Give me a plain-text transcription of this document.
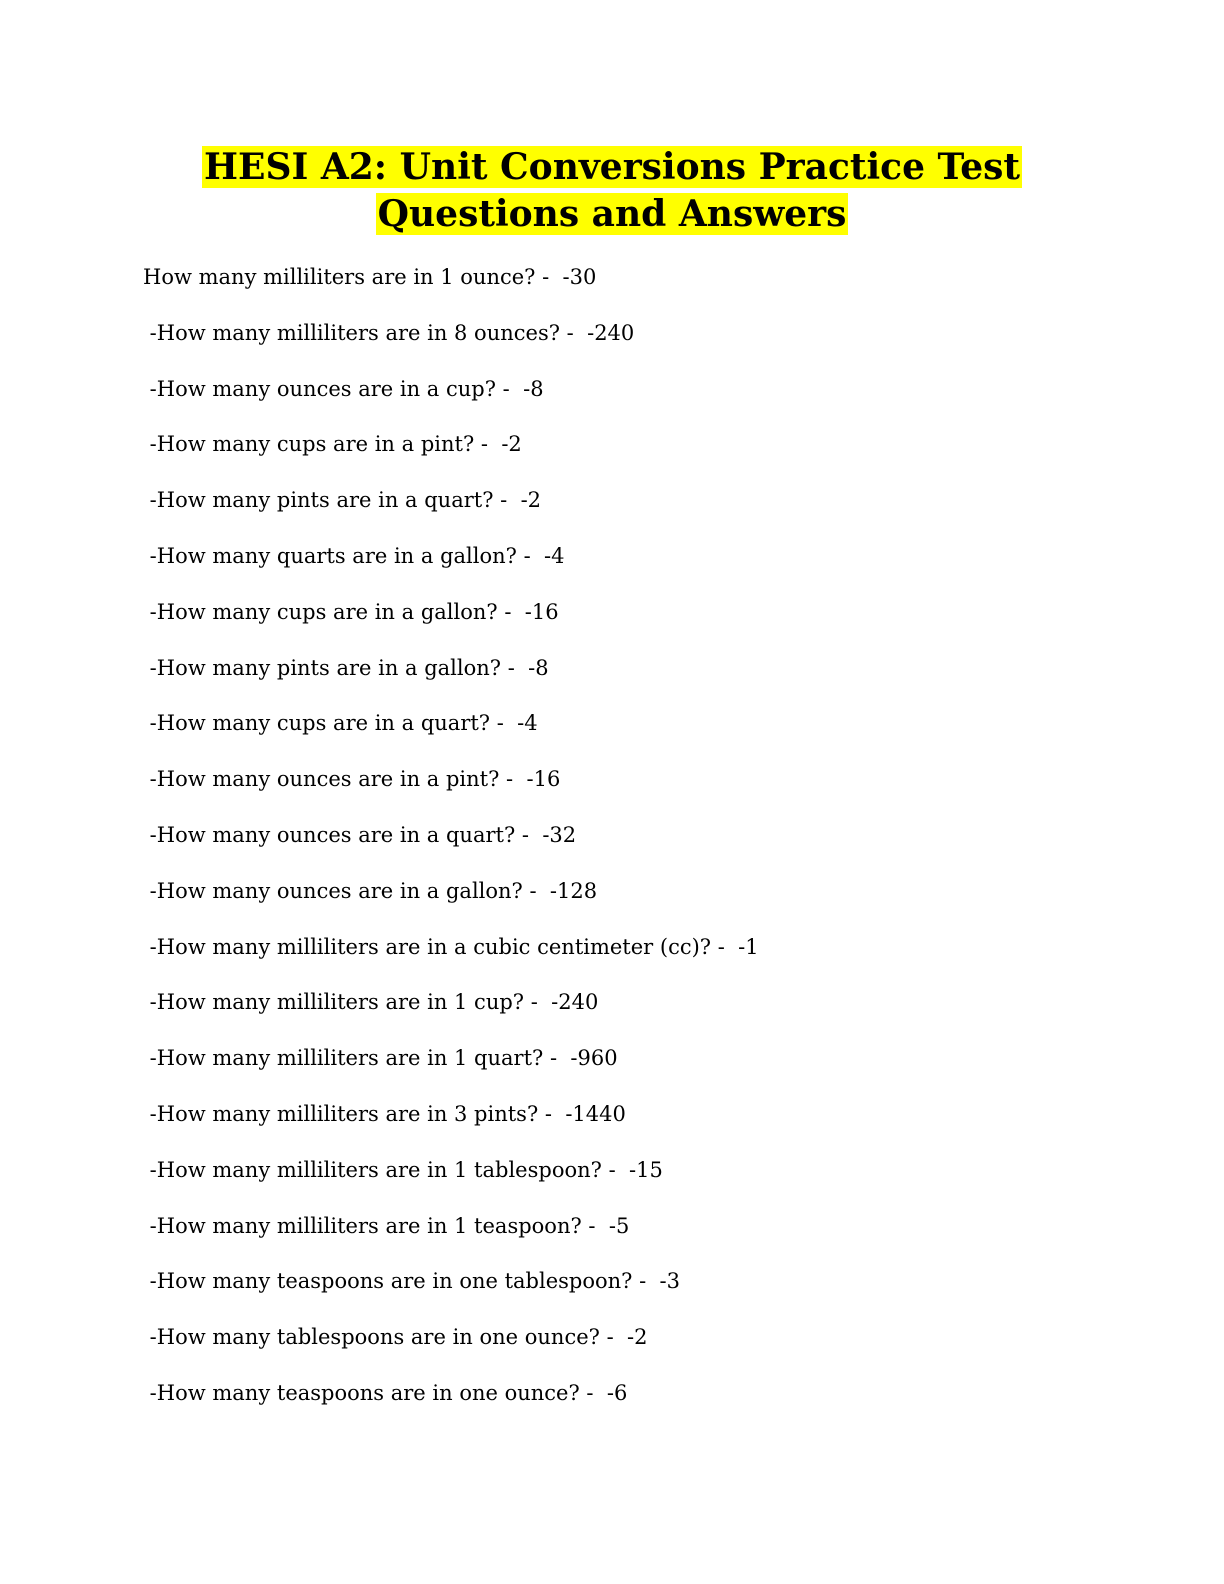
HESI A2: Unit Conversions Practice Test
Questions and Answers
How many milliliters are in 1 ounce? -  -30
-How many milliliters are in 8 ounces? -  -240
-How many ounces are in a cup? -  -8
-How many cups are in a pint? -  -2
-How many pints are in a quart? -  -2
-How many quarts are in a gallon? -  -4
-How many cups are in a gallon? -  -16
-How many pints are in a gallon? -  -8
-How many cups are in a quart? -  -4
-How many ounces are in a pint? -  -16
-How many ounces are in a quart? -  -32
-How many ounces are in a gallon? -  -128
-How many milliliters are in a cubic centimeter (cc)? -  -1
-How many milliliters are in 1 cup? -  -240
-How many milliliters are in 1 quart? -  -960
-How many milliliters are in 3 pints? -  -1440
-How many milliliters are in 1 tablespoon? -  -15
-How many milliliters are in 1 teaspoon? -  -5
-How many teaspoons are in one tablespoon? -  -3
-How many tablespoons are in one ounce? -  -2
-How many teaspoons are in one ounce? -  -6
